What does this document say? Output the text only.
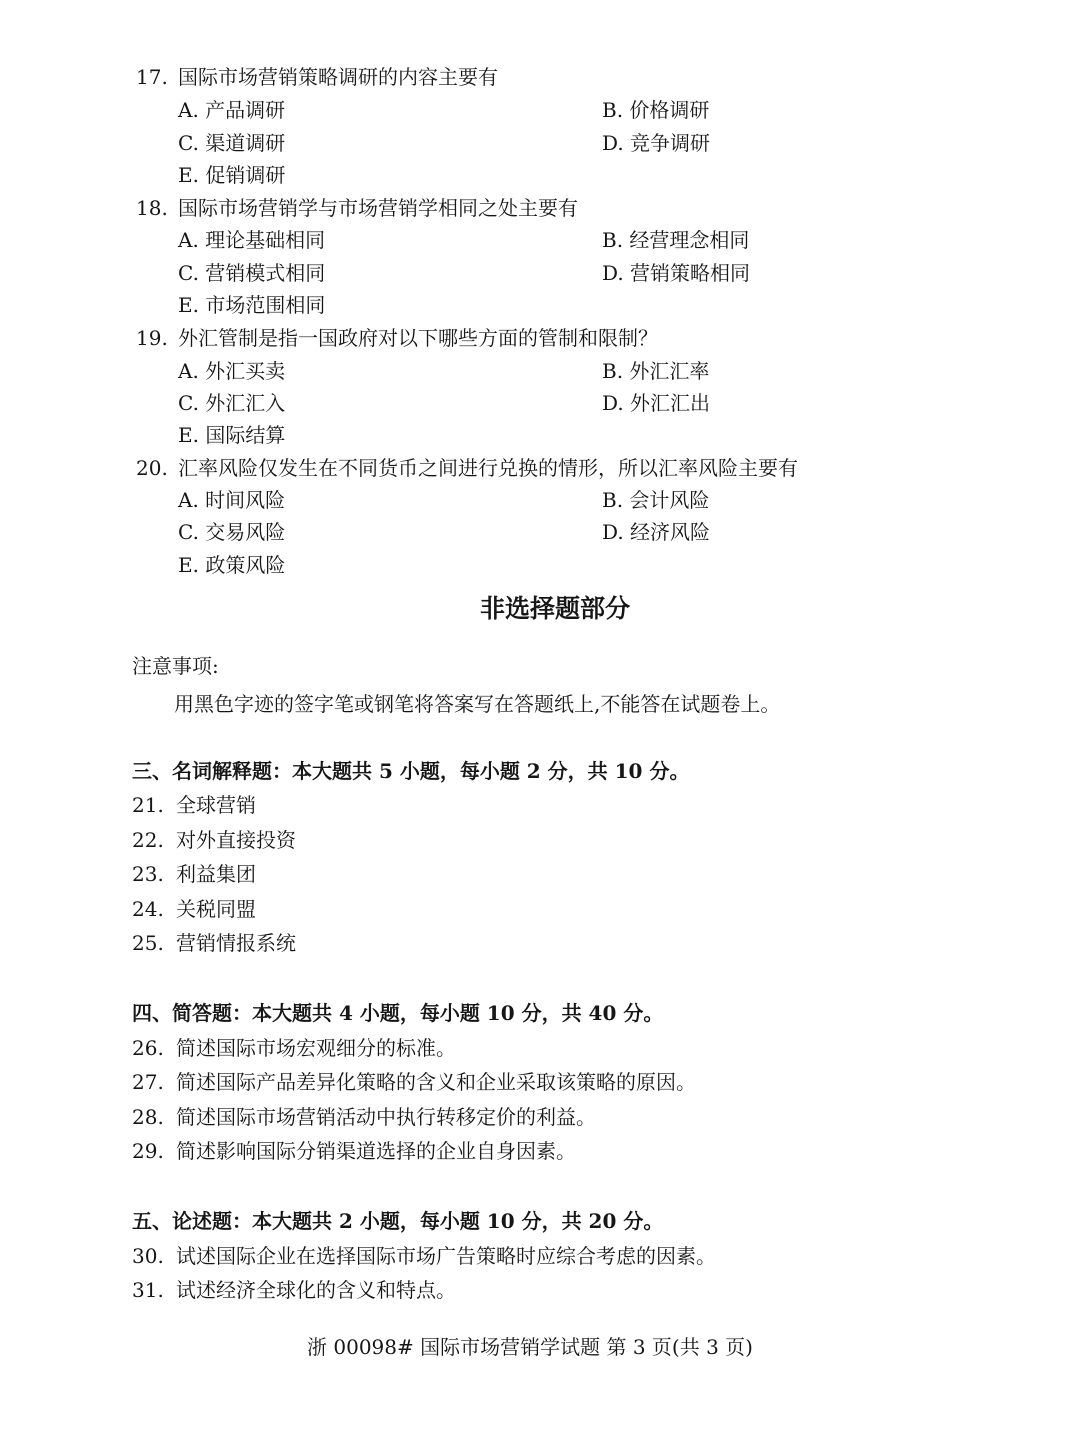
17. 国际市场营销策略调研的内容主要有
A. 产品调研	B. 价格调研
C. 渠道调研	D. 竞争调研
E. 促销调研
18. 国际市场营销学与市场营销学相同之处主要有
A. 理论基础相同	B. 经营理念相同
C. 营销模式相同	D. 营销策略相同
E. 市场范围相同
19. 外汇管制是指一国政府对以下哪些方面的管制和限制？
A. 外汇买卖	B. 外汇汇率
C. 外汇汇入	D. 外汇汇出
E. 国际结算
20. 汇率风险仅发生在不同货币之间进行兑换的情形，所以汇率风险主要有
A. 时间风险	B. 会计风险
C. 交易风险	D. 经济风险
E. 政策风险
非选择题部分
注意事项:
用黑色字迹的签字笔或钢笔将答案写在答题纸上,不能答在试题卷上。
三、名词解释题：本大题共 5 小题，每小题 2 分，共 10 分。
21. 全球营销
22. 对外直接投资
23. 利益集团
24. 关税同盟
25. 营销情报系统
四、简答题：本大题共 4 小题，每小题 10 分，共 40 分。
26. 简述国际市场宏观细分的标准。
27. 简述国际产品差异化策略的含义和企业采取该策略的原因。
28. 简述国际市场营销活动中执行转移定价的利益。
29. 简述影响国际分销渠道选择的企业自身因素。
五、论述题：本大题共 2 小题，每小题 10 分，共 20 分。
30. 试述国际企业在选择国际市场广告策略时应综合考虑的因素。
31. 试述经济全球化的含义和特点。
浙 00098# 国际市场营销学试题 第 3 页(共 3 页)
